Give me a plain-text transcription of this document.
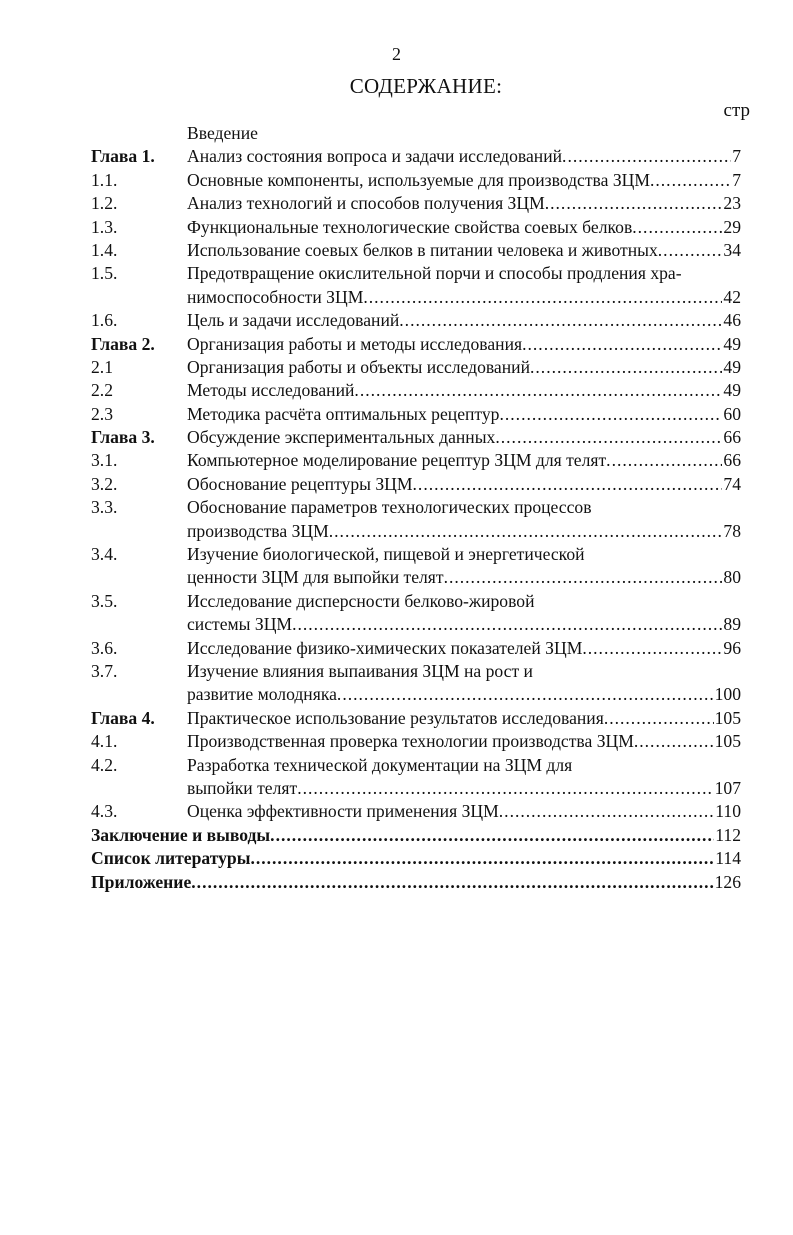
2
СОДЕРЖАНИЕ:
стр
Введение
Глава 1.	Анализ состояния вопроса и задачи исследований .....	7
1.1.	Основные компоненты, используемые для производства ЗЦМ .....	7
1.2.	Анализ технологий и способов получения ЗЦМ .....	23
1.3.	Функциональные технологические свойства соевых белков .....	29
1.4.	Использование соевых белков в питании человека и животных .....	34
1.5.	Предотвращение окислительной порчи и способы продления хра-
нимоспособности ЗЦМ .....	42
1.6.	Цель и задачи исследований .....	46
Глава 2.	Организация работы и методы исследования .....	49
2.1	Организация работы и объекты исследований .....	49
2.2	Методы исследований .....	49
2.3	Методика расчёта оптимальных рецептур .....	60
Глава 3.	Обсуждение экспериментальных данных .....	66
3.1.	Компьютерное моделирование рецептур ЗЦМ для телят .....	66
3.2.	Обоснование рецептуры ЗЦМ .....	74
3.3.	Обоснование параметров технологических процессов
производства ЗЦМ .....	78
3.4.	Изучение биологической, пищевой и энергетической
ценности ЗЦМ для выпойки телят .....	80
3.5.	Исследование дисперсности белково-жировой
системы ЗЦМ .....	89
3.6.	Исследование физико-химических показателей ЗЦМ .....	96
3.7.	Изучение влияния выпаивания ЗЦМ на рост и
развитие молодняка .....	100
Глава 4.	Практическое использование результатов исследования .....	105
4.1.	Производственная проверка технологии производства ЗЦМ .....	105
4.2.	Разработка технической документации на ЗЦМ для
выпойки телят .....	107
4.3.	Оценка эффективности применения ЗЦМ .....	110
Заключение и выводы .....	112
Список литературы .....	114
Приложение .....	126
